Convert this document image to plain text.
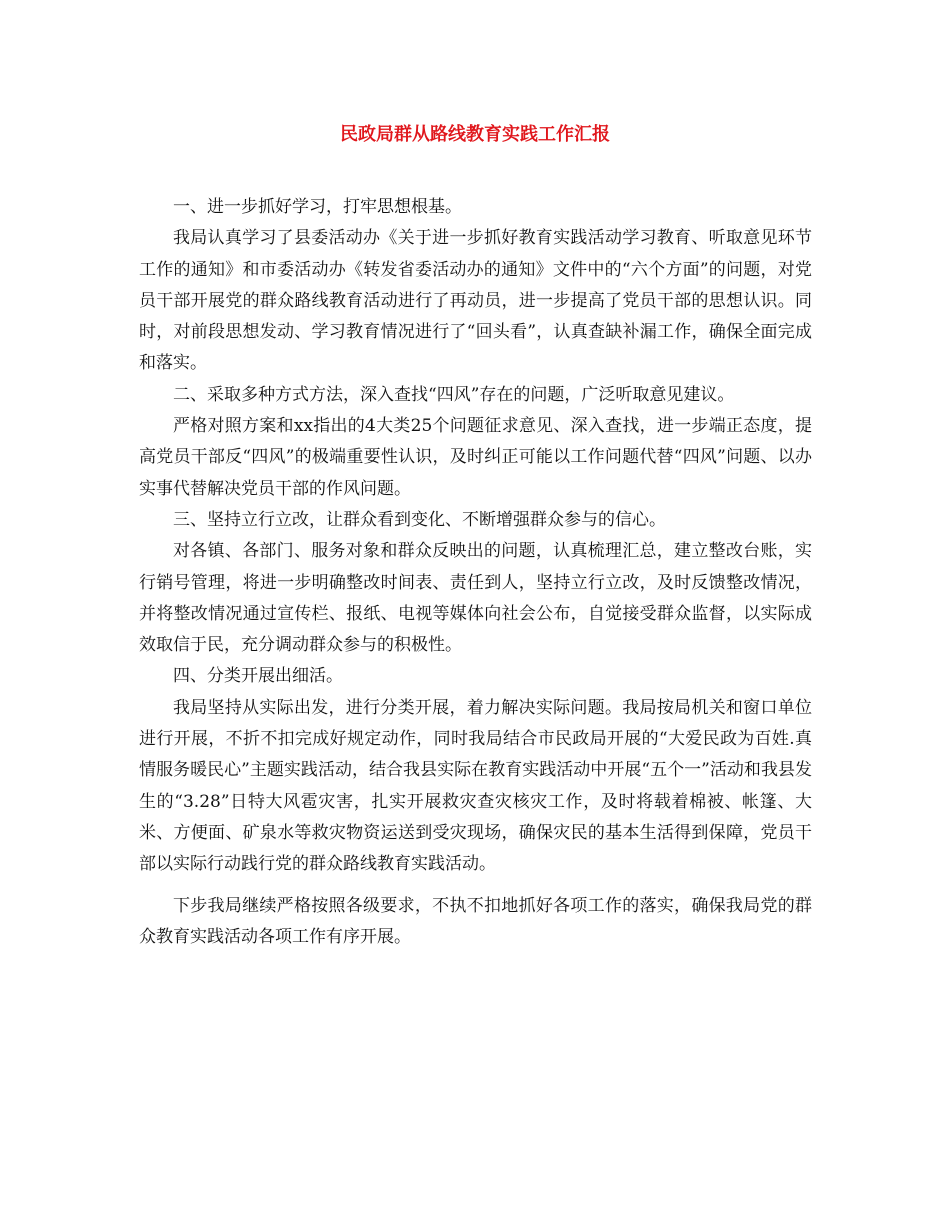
民政局群从路线教育实践工作汇报

一、进一步抓好学习，打牢思想根基。

我局认真学习了县委活动办《关于进一步抓好教育实践活动学习教育、听取意见环节工作的通知》和市委活动办《转发省委活动办的通知》文件中的“六个方面”的问题，对党员干部开展党的群众路线教育活动进行了再动员，进一步提高了党员干部的思想认识。同时，对前段思想发动、学习教育情况进行了“回头看”，认真查缺补漏工作，确保全面完成和落实。

二、采取多种方式方法，深入查找“四风”存在的问题，广泛听取意见建议。

严格对照方案和xx指出的4大类25个问题征求意见、深入查找，进一步端正态度，提高党员干部反“四风”的极端重要性认识，及时纠正可能以工作问题代替“四风”问题、以办实事代替解决党员干部的作风问题。

三、坚持立行立改，让群众看到变化、不断增强群众参与的信心。

对各镇、各部门、服务对象和群众反映出的问题，认真梳理汇总，建立整改台账，实行销号管理，将进一步明确整改时间表、责任到人，坚持立行立改，及时反馈整改情况，并将整改情况通过宣传栏、报纸、电视等媒体向社会公布，自觉接受群众监督，以实际成效取信于民，充分调动群众参与的积极性。

四、分类开展出细活。

我局坚持从实际出发，进行分类开展，着力解决实际问题。我局按局机关和窗口单位进行开展，不折不扣完成好规定动作，同时我局结合市民政局开展的“大爱民政为百姓.真情服务暖民心”主题实践活动，结合我县实际在教育实践活动中开展“五个一”活动和我县发生的“3.28”日特大风雹灾害，扎实开展救灾查灾核灾工作，及时将载着棉被、帐篷、大米、方便面、矿泉水等救灾物资运送到受灾现场，确保灾民的基本生活得到保障，党员干部以实际行动践行党的群众路线教育实践活动。

下步我局继续严格按照各级要求，不执不扣地抓好各项工作的落实，确保我局党的群众教育实践活动各项工作有序开展。
